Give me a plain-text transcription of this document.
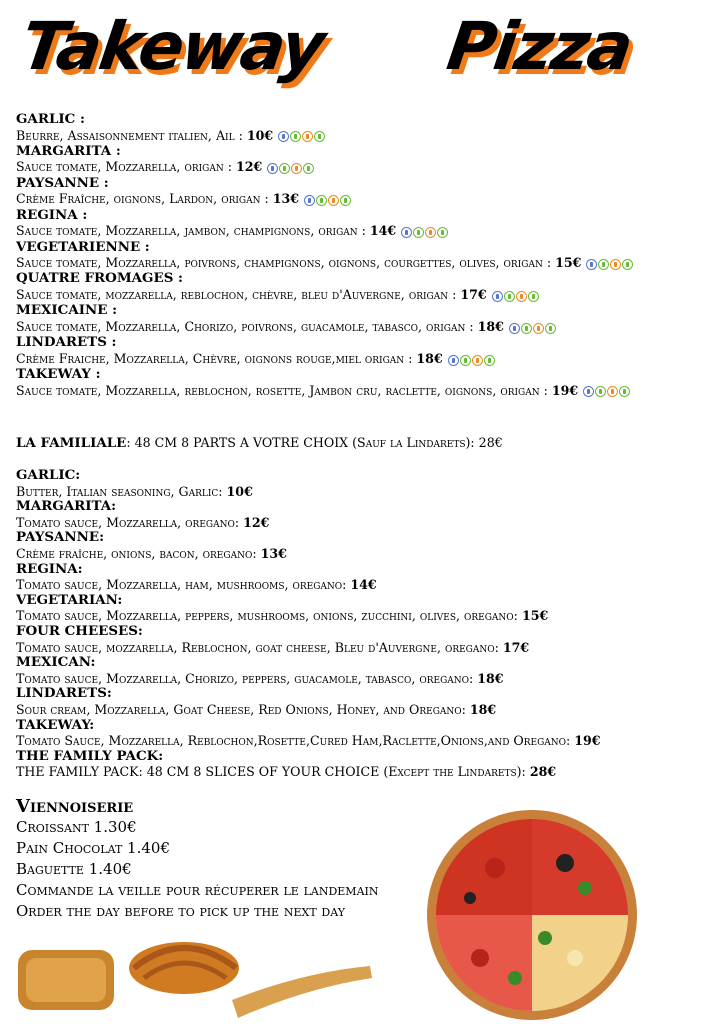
Takeway Pizza
GARLIC :
Beurre, Assaisonnement italien, Ail : 10€
MARGARITA :
Sauce tomate, Mozzarella, origan : 12€
PAYSANNE :
Crème Fraîche, oignons, Lardon, origan : 13€
REGINA :
Sauce tomate, Mozzarella, jambon, champignons, origan : 14€
VEGETARIENNE :
Sauce tomate, Mozzarella, poivrons, champignons, oignons, courgettes, olives, origan : 15€
QUATRE FROMAGES :
Sauce tomate, mozzarella, reblochon, chèvre, bleu d'Auvergne, origan : 17€
MEXICAINE :
Sauce tomate, Mozzarella, Chorizo, poivrons, guacamole, tabasco, origan : 18€
LINDARETS :
Crème Fraiche, Mozzarella, Chèvre, oignons rouge,miel origan : 18€
TAKEWAY :
Sauce tomate, Mozzarella, reblochon, rosette, Jambon cru, raclette, oignons, origan : 19€
LA FAMILIALE: 48 CM 8 PARTS A VOTRE CHOIX (Sauf la Lindarets): 28€
GARLIC:
Butter, Italian seasoning, Garlic: 10€
MARGARITA:
Tomato sauce, Mozzarella, oregano: 12€
PAYSANNE:
Crème fraîche, onions, bacon, oregano: 13€
REGINA:
Tomato sauce, Mozzarella, ham, mushrooms, oregano: 14€
VEGETARIAN:
Tomato sauce, Mozzarella, peppers, mushrooms, onions, zucchini, olives, oregano: 15€
FOUR CHEESES:
Tomato sauce, mozzarella, Reblochon, goat cheese, Bleu d'Auvergne, oregano: 17€
MEXICAN:
Tomato sauce, Mozzarella, Chorizo, peppers, guacamole, tabasco, oregano: 18€
LINDARETS:
Sour cream, Mozzarella, Goat Cheese, Red Onions, Honey, and Oregano: 18€
TAKEWAY:
Tomato Sauce, Mozzarella, Reblochon,Rosette,Cured Ham,Raclette,Onions,and Oregano: 19€
THE FAMILY PACK:
THE FAMILY PACK: 48 CM 8 SLICES OF YOUR CHOICE (Except the Lindarets): 28€
Viennoiserie
Croissant 1.30€
Pain Chocolat 1.40€
Baguette 1.40€
Commande la veille pour récuperer le landemain
Order the day before to pick up the next day
